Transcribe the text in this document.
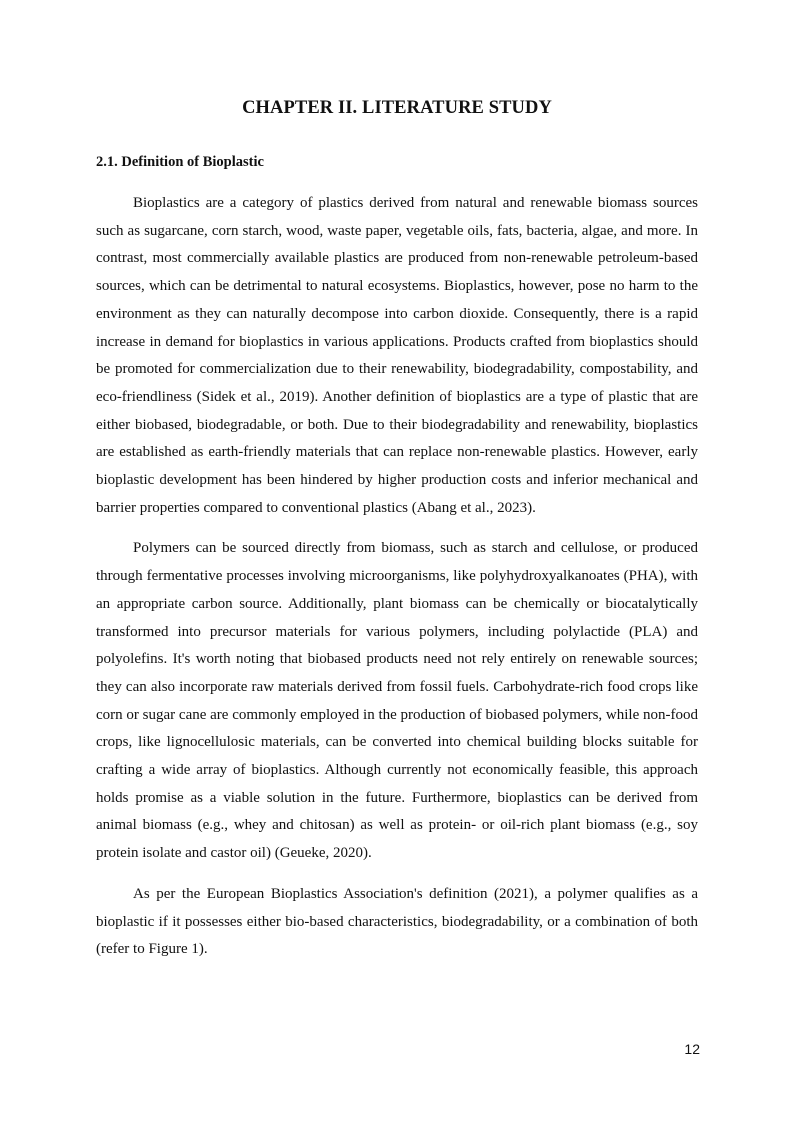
CHAPTER II. LITERATURE STUDY
2.1. Definition of Bioplastic

Bioplastics are a category of plastics derived from natural and renewable biomass sources such as sugarcane, corn starch, wood, waste paper, vegetable oils, fats, bacteria, algae, and more. In contrast, most commercially available plastics are produced from non-renewable petroleum-based sources, which can be detrimental to natural ecosystems. Bioplastics, however, pose no harm to the environment as they can naturally decompose into carbon dioxide. Consequently, there is a rapid increase in demand for bioplastics in various applications. Products crafted from bioplastics should be promoted for commercialization due to their renewability, biodegradability, compostability, and eco-friendliness (Sidek et al., 2019). Another definition of bioplastics are a type of plastic that are either biobased, biodegradable, or both. Due to their biodegradability and renewability, bioplastics are established as earth-friendly materials that can replace non-renewable plastics. However, early bioplastic development has been hindered by higher production costs and inferior mechanical and barrier properties compared to conventional plastics (Abang et al., 2023).

Polymers can be sourced directly from biomass, such as starch and cellulose, or produced through fermentative processes involving microorganisms, like polyhydroxyalkanoates (PHA), with an appropriate carbon source. Additionally, plant biomass can be chemically or biocatalytically transformed into precursor materials for various polymers, including polylactide (PLA) and polyolefins. It's worth noting that biobased products need not rely entirely on renewable sources; they can also incorporate raw materials derived from fossil fuels. Carbohydrate-rich food crops like corn or sugar cane are commonly employed in the production of biobased polymers, while non-food crops, like lignocellulosic materials, can be converted into chemical building blocks suitable for crafting a wide array of bioplastics. Although currently not economically feasible, this approach holds promise as a viable solution in the future. Furthermore, bioplastics can be derived from animal biomass (e.g., whey and chitosan) as well as protein- or oil-rich plant biomass (e.g., soy protein isolate and castor oil) (Geueke, 2020).

As per the European Bioplastics Association's definition (2021), a polymer qualifies as a bioplastic if it possesses either bio-based characteristics, biodegradability, or a combination of both (refer to Figure 1).

12
